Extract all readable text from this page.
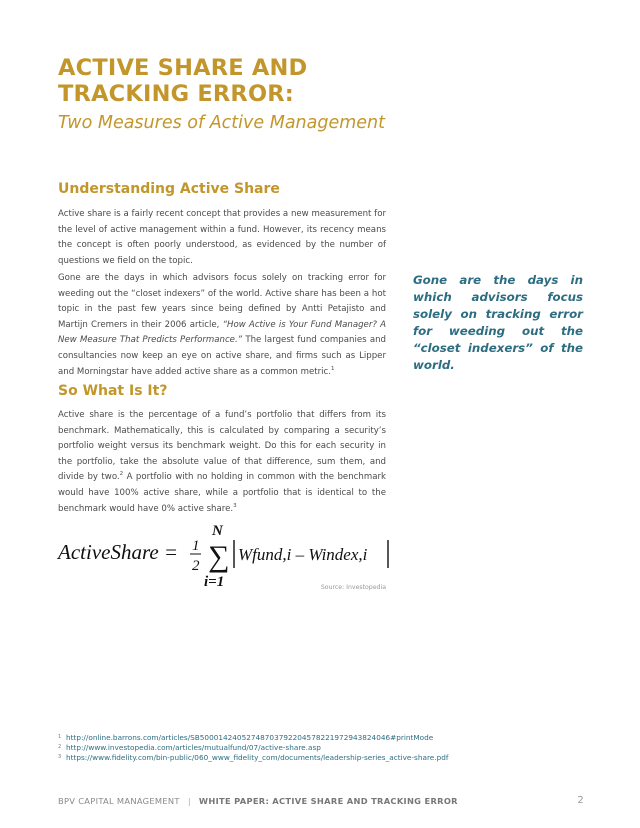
ACTIVE SHARE AND
TRACKING ERROR:
Two Measures of Active Management
Understanding Active Share

Active share is a fairly recent concept that provides a new measurement for the level of active management within a fund. However, its recency means the concept is often poorly understood, as evidenced by the number of questions we field on the topic.

Gone are the days in which advisors focus solely on tracking error for weeding out the “closet indexers” of the world. Active share has been a hot topic in the past few years since being defined by Antti Petajisto and Martijn Cremers in their 2006 article, “How Active is Your Fund Manager? A New Measure That Predicts Performance.” The largest fund companies and consultancies now keep an eye on active share, and firms such as Lipper and Morningstar have added active share as a common metric.$^1$

Gone are the days in which advisors focus solely on tracking error for weeding out the “closet indexers” of the world.

So What Is It?

Active share is the percentage of a fund’s portfolio that differs from its benchmark. Mathematically, this is calculated by comparing a security’s portfolio weight versus its benchmark weight. Do this for each security in the portfolio, take the absolute value of that difference, sum them, and divide by two.$^2$ A portfolio with no holding in common with the benchmark would have 100% active share, while a portfolio that is identical to the benchmark would have 0% active share.$^3$

ActiveShare = 1
2 ∑
N
i=1
Wfund,i – Windex,i
Source: Investopedia
1 http://online.barrons.com/articles/SB50001424052748703792204578221972943824046#printMode
2 http://www.investopedia.com/articles/mutualfund/07/active-share.asp
3 https://www.fidelity.com/bin-public/060_www_fidelity_com/documents/leadership-series_active-share.pdf
BPV CAPITAL MANAGEMENT | WHITE PAPER: ACTIVE SHARE AND TRACKING ERROR	2
